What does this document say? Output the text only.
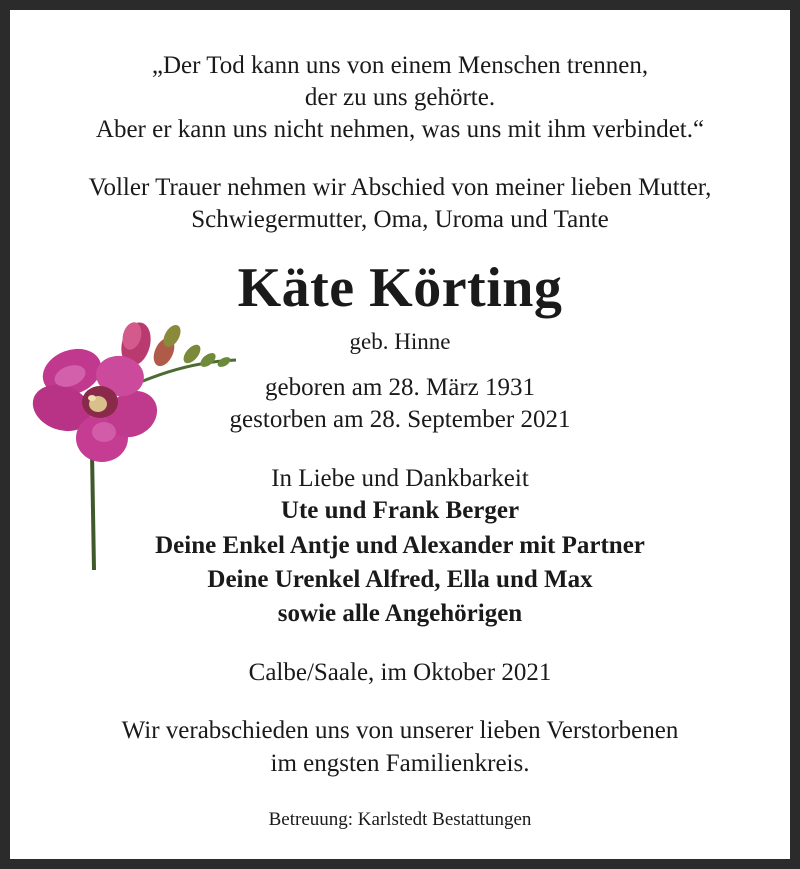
„Der Tod kann uns von einem Menschen trennen,
der zu uns gehörte.
Aber er kann uns nicht nehmen, was uns mit ihm verbindet.“
Voller Trauer nehmen wir Abschied von meiner lieben Mutter,
Schwiegermutter, Oma, Uroma und Tante
Käte Körting
geb. Hinne
geboren am 28. März 1931
gestorben am 28. September 2021
In Liebe und Dankbarkeit
Ute und Frank Berger
Deine Enkel Antje und Alexander mit Partner
Deine Urenkel Alfred, Ella und Max
sowie alle Angehörigen
Calbe/Saale, im Oktober 2021
Wir verabschieden uns von unserer lieben Verstorbenen
im engsten Familienkreis.
Betreuung: Karlstedt Bestattungen
